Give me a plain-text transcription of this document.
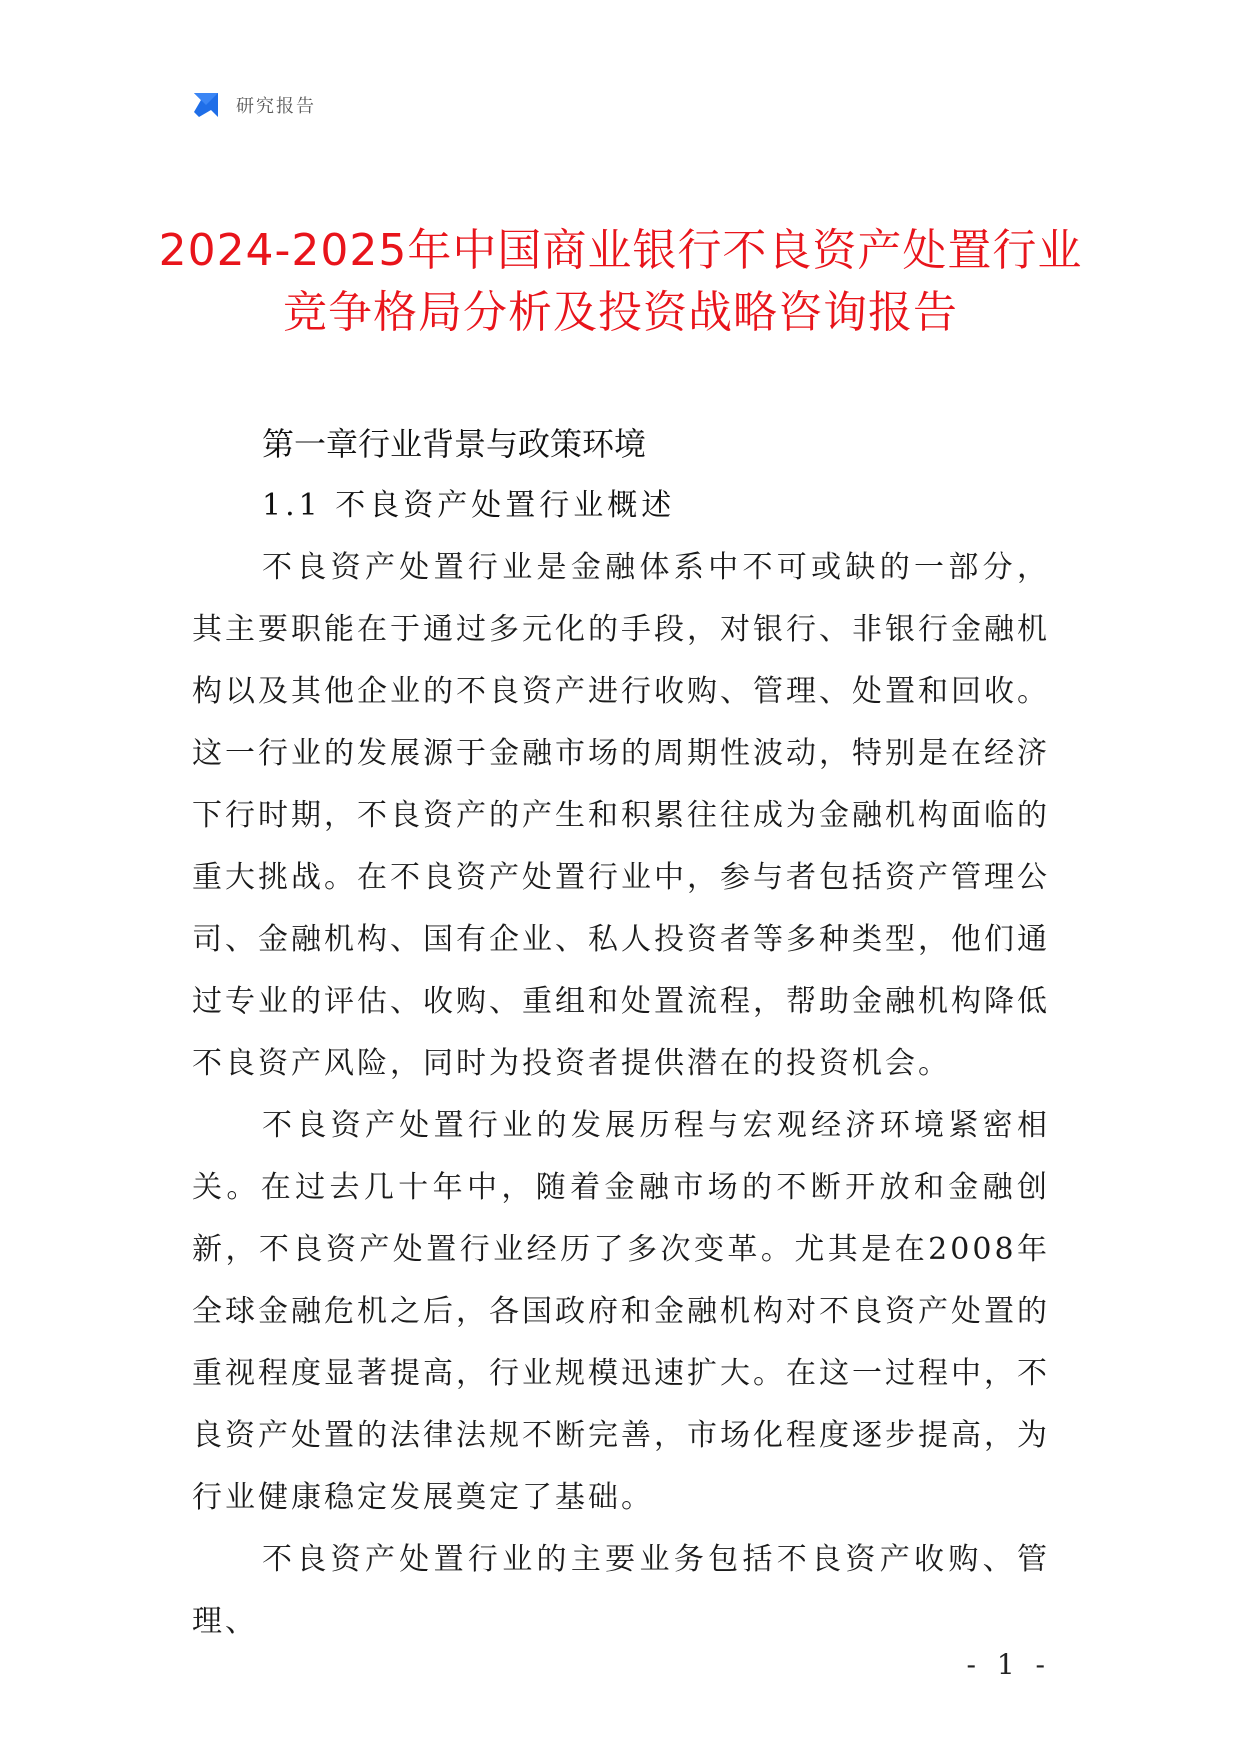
研究报告
2024-2025年中国商业银行不良资产处置行业竞争格局分析及投资战略咨询报告
第一章行业背景与政策环境
1.1 不良资产处置行业概述

不良资产处置行业是金融体系中不可或缺的一部分，其主要职能在于通过多元化的手段，对银行、非银行金融机构以及其他企业的不良资产进行收购、管理、处置和回收。这一行业的发展源于金融市场的周期性波动，特别是在经济下行时期，不良资产的产生和积累往往成为金融机构面临的重大挑战。在不良资产处置行业中，参与者包括资产管理公司、金融机构、国有企业、私人投资者等多种类型，他们通过专业的评估、收购、重组和处置流程，帮助金融机构降低不良资产风险，同时为投资者提供潜在的投资机会。

不良资产处置行业的发展历程与宏观经济环境紧密相关。在过去几十年中，随着金融市场的不断开放和金融创新，不良资产处置行业经历了多次变革。尤其是在2008年全球金融危机之后，各国政府和金融机构对不良资产处置的重视程度显著提高，行业规模迅速扩大。在这一过程中，不良资产处置的法律法规不断完善，市场化程度逐步提高，为行业健康稳定发展奠定了基础。

不良资产处置行业的主要业务包括不良资产收购、管理、

- 1 -
